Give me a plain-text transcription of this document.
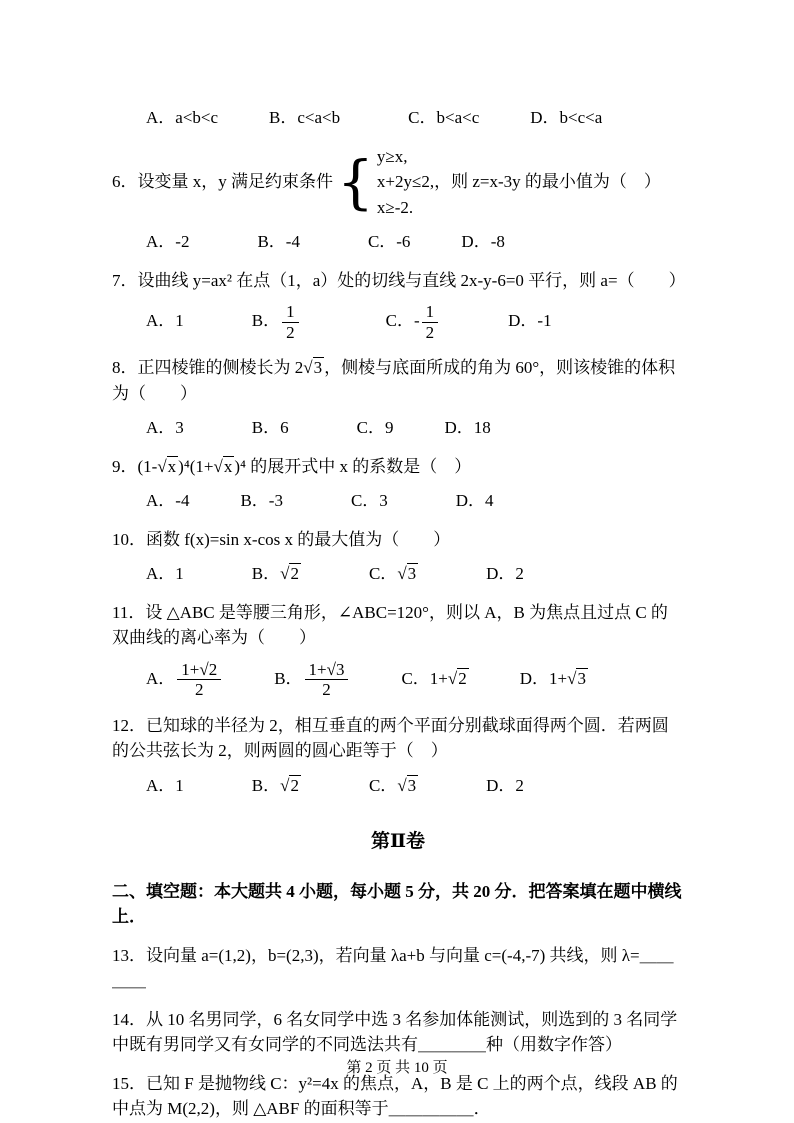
A．a<b<c　　　B．c<a<b　　　　C．b<a<c　　　D．b<c<a
6．设变量 x，y 满足约束条件{ y≥x,
x+2y≤2,
x≥-2.
，则 z=x-3y 的最小值为（　）
A．-2　　　　B．-4　　　　C．-6　　　D．-8
7．设曲线 y=ax² 在点（1，a）处的切线与直线 2x-y-6=0 平行，则 a=（　　）
A．1　　　　B． $\frac{1}{2}$ 　　　　　C．- $\frac{1}{2}$ 　　　　D．-1
8．正四棱锥的侧棱长为 2√3 ，侧棱与底面所成的角为 60°，则该棱锥的体积为（　　）
A．3　　　　B．6　　　　C．9　　　D．18
9．(1-√x )⁴(1+√x )⁴ 的展开式中 x 的系数是（　）
A．-4　　　B．-3　　　　C．3　　　　D．4
10．函数 f(x)=sin x-cos x 的最大值为（　　）
A．1　　　　B．√2　　　　C．√3　　　　D．2
11．设 △ABC 是等腰三角形，∠ABC=120°，则以 A，B 为焦点且过点 C 的双曲线的离心率为（　　）
A． $\frac{1+√2}{2}$ 　　　B． $\frac{1+√3}{2}$ 　　　C．1+√2　　　D．1+√3
12．已知球的半径为 2，相互垂直的两个平面分别截球面得两个圆．若两圆的公共弦长为 2，则两圆的圆心距等于（　）
A．1　　　　B．√2　　　　C．√3　　　　D．2
第Ⅱ卷
二、填空题：本大题共 4 小题，每小题 5 分，共 20 分．把答案填在题中横线上．
13．设向量 a=(1,2)，b=(2,3)，若向量 λa+b 与向量 c=(-4,-7) 共线，则 λ=＿＿＿＿
14．从 10 名男同学，6 名女同学中选 3 名参加体能测试，则选到的 3 名同学中既有男同学又有女同学的不同选法共有＿＿＿＿种（用数字作答）
15．已知 F 是抛物线 C：y²=4x 的焦点，A，B 是 C 上的两个点，线段 AB 的中点为 M(2,2)，则 △ABF 的面积等于＿＿＿＿＿．
第 2 页 共 10 页
